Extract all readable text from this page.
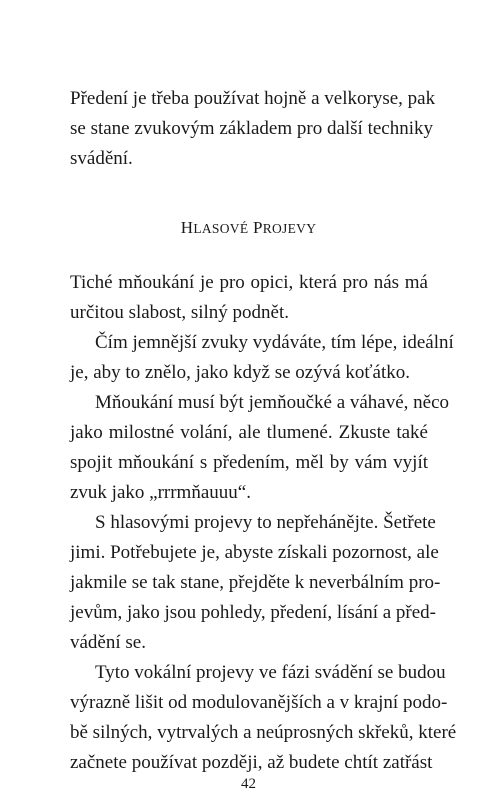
Předení je třeba používat hojně a velkoryse, pak
se stane zvukovým základem pro další techniky
svádění.
HLASOVÉ PROJEVY
Tiché mňoukání je pro opici, která pro nás má
určitou slabost, silný podnět.
Čím jemnější zvuky vydáváte, tím lépe, ideální
je, aby to znělo, jako když se ozývá koťátko.
Mňoukání musí být jemňoučké a váhavé, něco
jako milostné volání, ale tlumené. Zkuste také
spojit mňoukání s předením, měl by vám vyjít
zvuk jako „rrrmňauuu“.
S hlasovými projevy to nepřehánějte. Šetřete
jimi. Potřebujete je, abyste získali pozornost, ale
jakmile se tak stane, přejděte k neverbálním pro-
jevům, jako jsou pohledy, předení, lísání a před-
vádění se.
Tyto vokální projevy ve fázi svádění se budou
výrazně lišit od modulovanějších a v krajní podo-
bě silných, vytrvalých a neúprosných skřeků, které
začnete používat později, až budete chtít zatřást
42
